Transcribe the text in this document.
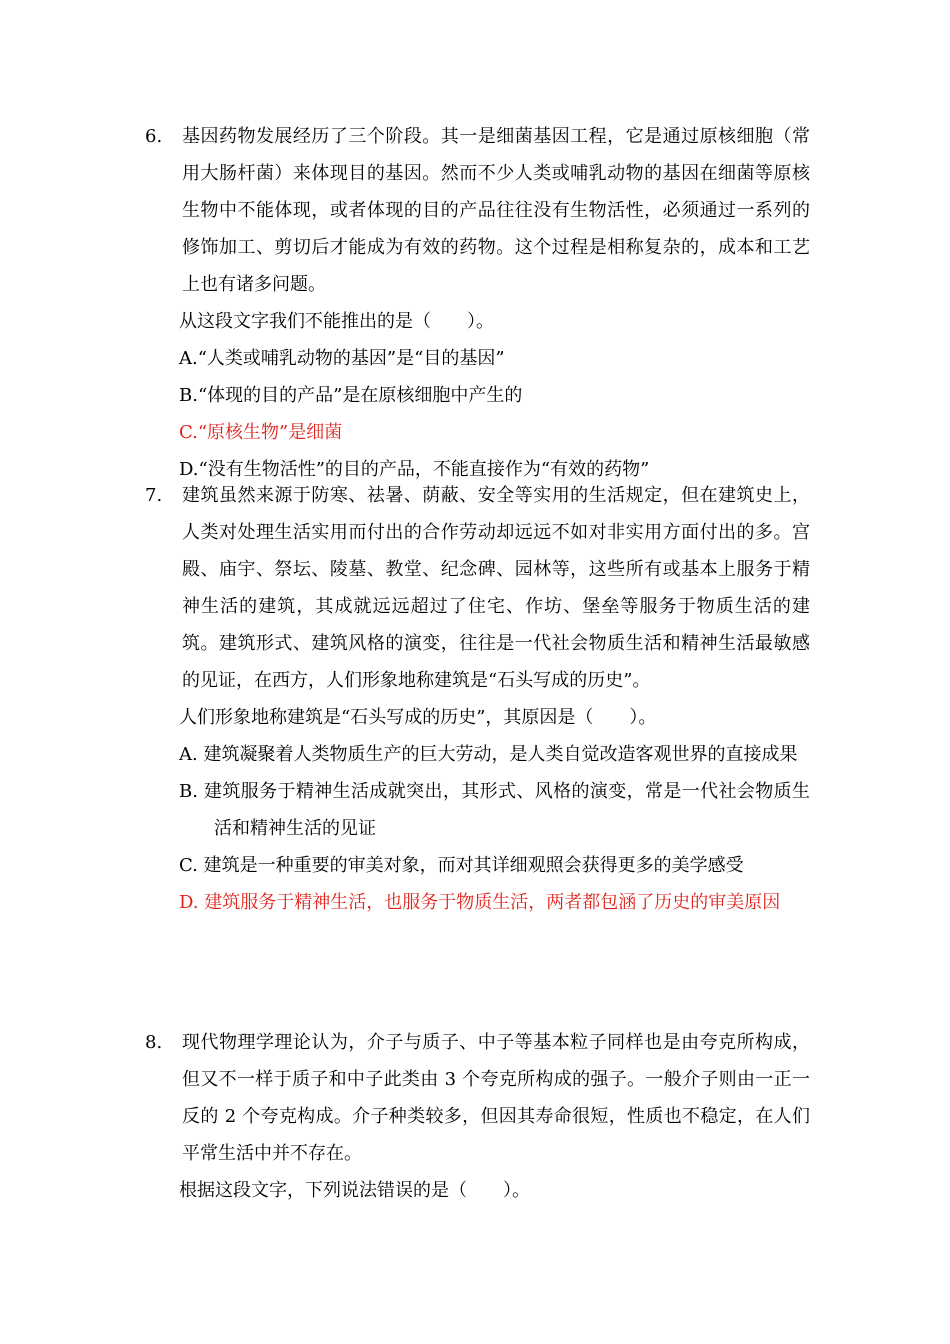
6. 基因药物发展经历了三个阶段。其一是细菌基因工程，它是通过原核细胞（常用大肠杆菌）来体现目的基因。然而不少人类或哺乳动物的基因在细菌等原核生物中不能体现，或者体现的目的产品往往没有生物活性，必须通过一系列的修饰加工、剪切后才能成为有效的药物。这个过程是相称复杂的，成本和工艺上也有诸多问题。
从这段文字我们不能推出的是（　　）。
A.“人类或哺乳动物的基因”是“目的基因”
B.“体现的目的产品”是在原核细胞中产生的
C.“原核生物”是细菌
D.“没有生物活性”的目的产品，不能直接作为“有效的药物”
7. 建筑虽然来源于防寒、祛暑、荫蔽、安全等实用的生活规定，但在建筑史上，人类对处理生活实用而付出的合作劳动却远远不如对非实用方面付出的多。宫殿、庙宇、祭坛、陵墓、教堂、纪念碑、园林等，这些所有或基本上服务于精神生活的建筑，其成就远远超过了住宅、作坊、堡垒等服务于物质生活的建筑。建筑形式、建筑风格的演变，往往是一代社会物质生活和精神生活最敏感的见证，在西方，人们形象地称建筑是“石头写成的历史”。
人们形象地称建筑是“石头写成的历史”，其原因是（　　）。
A. 建筑凝聚着人类物质生产的巨大劳动，是人类自觉改造客观世界的直接成果
B. 建筑服务于精神生活成就突出，其形式、风格的演变，常是一代社会物质生活和精神生活的见证
C. 建筑是一种重要的审美对象，而对其详细观照会获得更多的美学感受
D. 建筑服务于精神生活，也服务于物质生活，两者都包涵了历史的审美原因
8. 现代物理学理论认为，介子与质子、中子等基本粒子同样也是由夸克所构成，但又不一样于质子和中子此类由 3 个夸克所构成的强子。一般介子则由一正一反的 2 个夸克构成。介子种类较多，但因其寿命很短，性质也不稳定，在人们平常生活中并不存在。
根据这段文字，下列说法错误的是（　　）。
